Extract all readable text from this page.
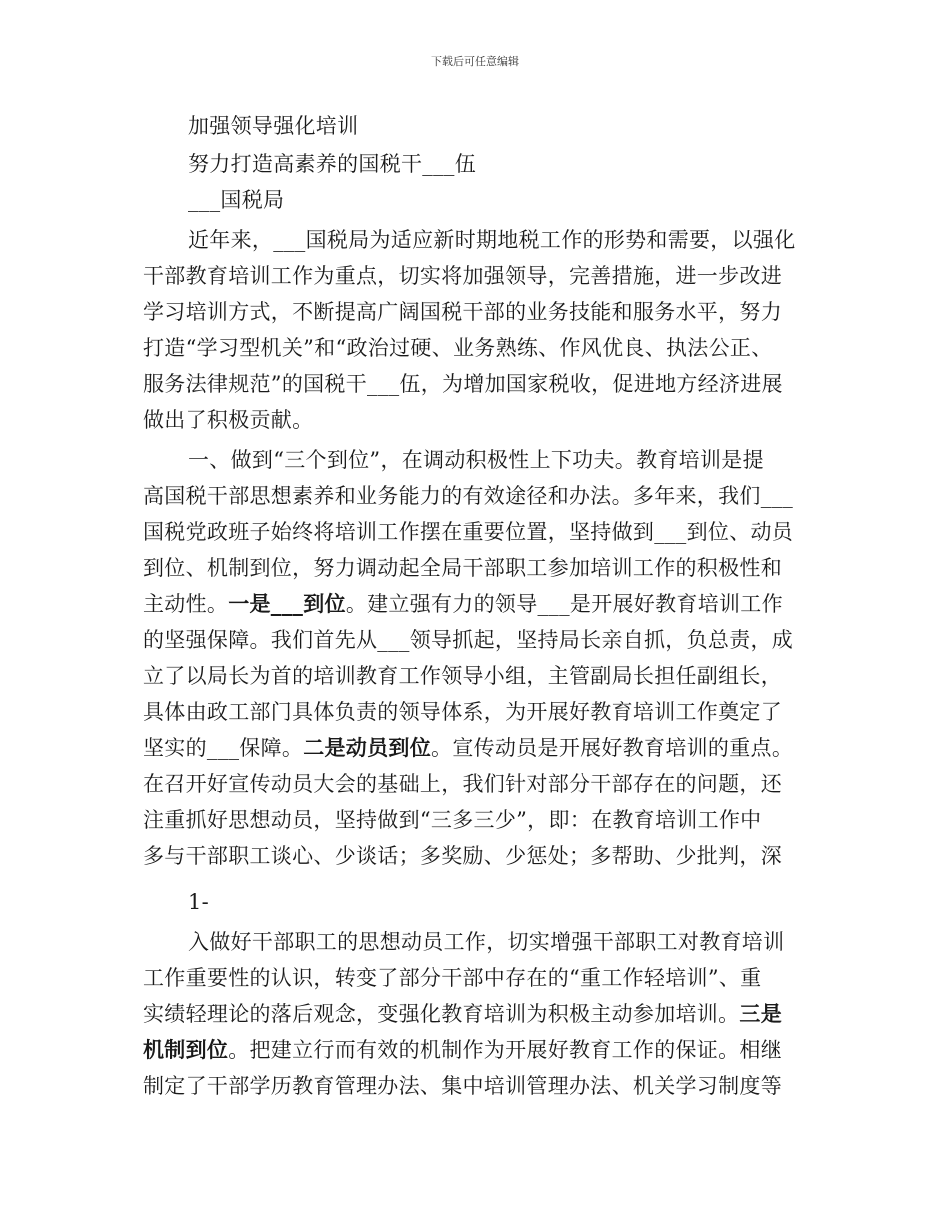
下载后可任意编辑
加强领导强化培训
努力打造高素养的国税干___伍
___国税局
近年来，___国税局为适应新时期地税工作的形势和需要，以强化
干部教育培训工作为重点，切实将加强领导，完善措施，进一步改进
学习培训方式，不断提高广阔国税干部的业务技能和服务水平，努力
打造“学习型机关”和“政治过硬、业务熟练、作风优良、执法公正、
服务法律规范”的国税干___伍，为增加国家税收，促进地方经济进展
做出了积极贡献。
一、做到“三个到位”，在调动积极性上下功夫。教育培训是提
高国税干部思想素养和业务能力的有效途径和办法。多年来，我们___
国税党政班子始终将培训工作摆在重要位置，坚持做到___到位、动员
到位、机制到位，努力调动起全局干部职工参加培训工作的积极性和
主动性。一是___到位。建立强有力的领导___是开展好教育培训工作
的坚强保障。我们首先从___领导抓起，坚持局长亲自抓，负总责，成
立了以局长为首的培训教育工作领导小组，主管副局长担任副组长，
具体由政工部门具体负责的领导体系，为开展好教育培训工作奠定了
坚实的___保障。二是动员到位。宣传动员是开展好教育培训的重点。
在召开好宣传动员大会的基础上，我们针对部分干部存在的问题，还
注重抓好思想动员，坚持做到“三多三少”，即：在教育培训工作中
多与干部职工谈心、少谈话；多奖励、少惩处；多帮助、少批判，深
1-
入做好干部职工的思想动员工作，切实增强干部职工对教育培训
工作重要性的认识，转变了部分干部中存在的“重工作轻培训”、重
实绩轻理论的落后观念，变强化教育培训为积极主动参加培训。三是
机制到位。把建立行而有效的机制作为开展好教育工作的保证。相继
制定了干部学历教育管理办法、集中培训管理办法、机关学习制度等
